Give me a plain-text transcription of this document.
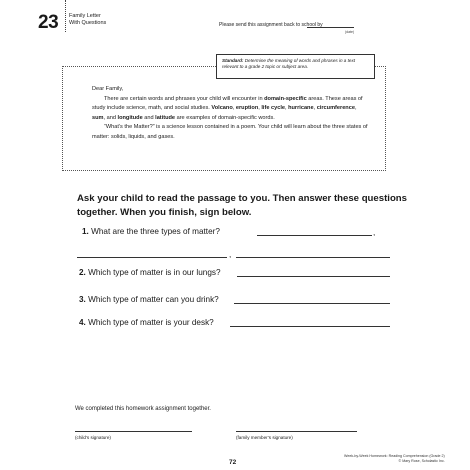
23 Family Letter
With Questions	Please send this assignment back to school by
(date)
Standard: Determine the meaning of words and phrases in a text relevant to a grade 2 topic or subject area.

Dear Family,

There are certain words and phrases your child will encounter in domain-specific areas. These areas of study include science, math, and social studies. Volcano, eruption, life cycle, hurricane, circumference, sum, and longitude and latitude are examples of domain-specific words.

“What’s the Matter?” is a science lesson contained in a poem. Your child will learn about the three states of matter: solids, liquids, and gases.

Ask your child to read the passage to you. Then answer these questions together. When you finish, sign below.
1. What are the three types of matter?	,
,
2. Which type of matter is in our lungs?
3. Which type of matter can you drink?
4. Which type of matter is your desk?
We completed this homework assignment together.
(child’s signature)	(family member’s signature)
72
Week-by-Week Homework: Reading Comprehension (Grade 2)
© Mary Rose, Scholastic Inc.
